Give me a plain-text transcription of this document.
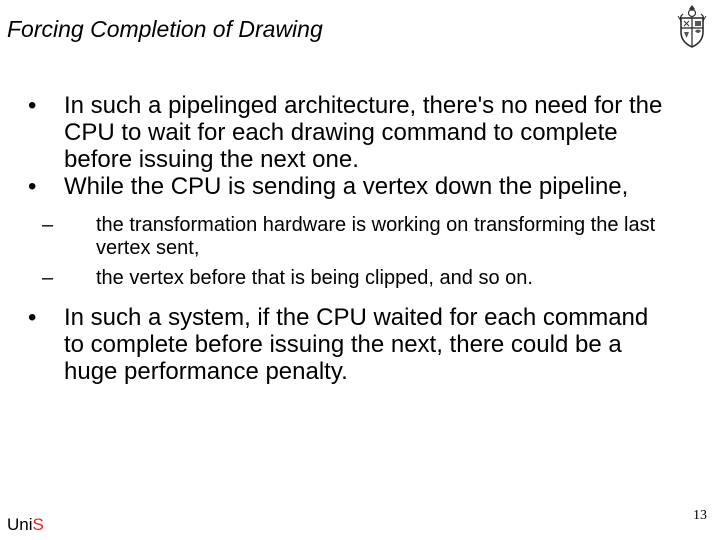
Forcing Completion of Drawing
• In such a pipelinged architecture, there's no need for the CPU to wait for each drawing command to complete before issuing the next one.
• While the CPU is sending a vertex down the pipeline,
– the transformation hardware is working on transforming the last vertex sent,
– the vertex before that is being clipped, and so on.
• In such a system, if the CPU waited for each command to complete before issuing the next, there could be a huge performance penalty.
UniS	13
